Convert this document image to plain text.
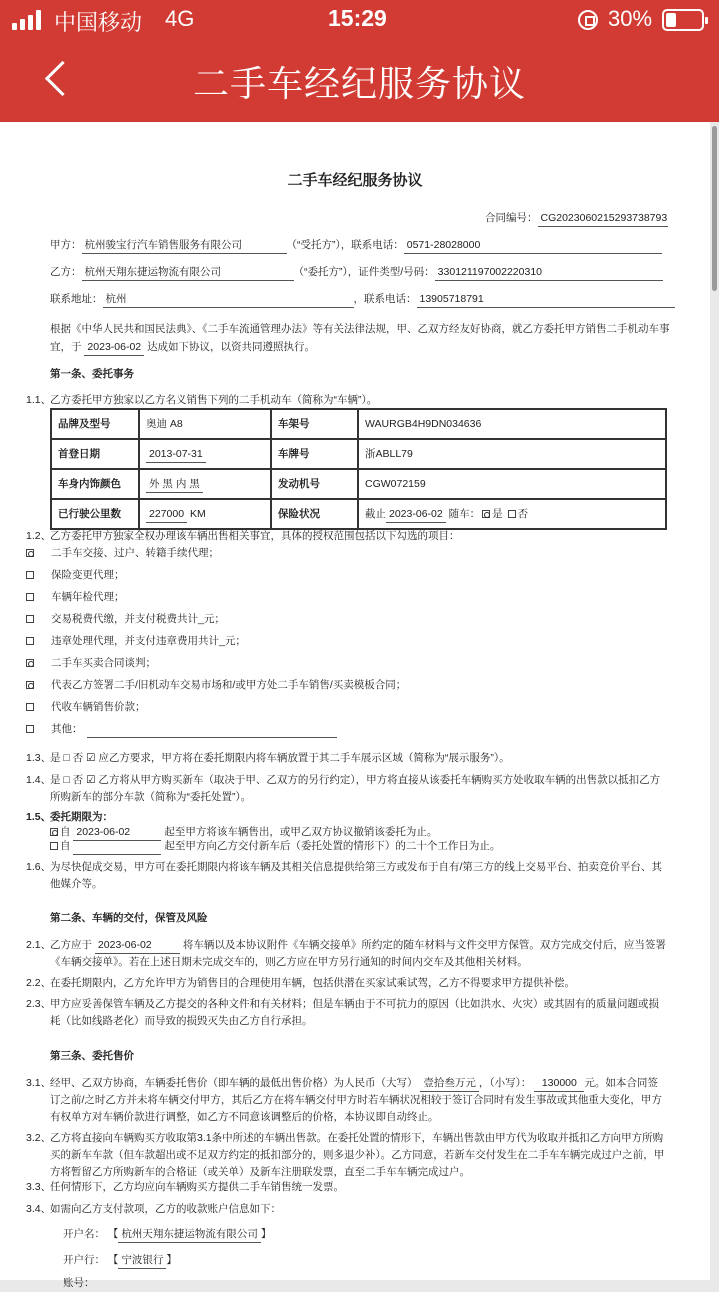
中国移动 4G	15:29	30%
二手车经纪服务协议
二手车经纪服务协议
合同编号： CG20230602152937387​93
甲方： 杭州骏宝行汽车销售服务有限公司	（“受托方”），联系电话： 0571-28028000
乙方： 杭州天翔东捷运物流有限公司	（“委托方”），证件类型/号码： 330121197002220310
联系地址： 杭州	，联系电话： 13905718791
根据《中华人民共和国民法典》、《二手车流通管理办法》等有关法律法规，甲、乙双方经友好协商，就乙方委托甲方销售二手机动车事
宜，于 2023-06-02 达成如下协议，以资共同遵照执行。
第一条、委托事务
1.1、
乙方委托甲方独家以乙方名义销售下列的二手机动车（简称为“车辆”）。
品牌及型号	奥迪 A8	车架号	WAURGB4H9DN034636
首登日期	2013-07-31	车牌号	浙ABLL79
车身内饰颜色	外 黑 内 黑	发动机号	CGW072159
已行驶公里数	227000 KM	保险状况	截止 2023-06-02 随车： 是 否
1.2、
乙方委托甲方独家全权办理该车辆出售相关事宜，具体的授权范围包括以下勾选的项目：
二手车交接、过户、转籍手续代理；
保险变更代理；
车辆年检代理；
交易税费代缴，并支付税费共计_元；
违章处理代理，并支付违章费用共计_元；
二手车买卖合同谈判；
代表乙方签署二手/旧机动车交易市场和/或甲方处二手车销售/买卖模板合同；
代收车辆销售价款；
其他：
1.3、
是 □ 否 ☑ 应乙方要求，甲方将在委托期限内将车辆放置于其二手车展示区域（简称为“展示服务”）。
1.4、
是 □ 否 ☑ 乙方将从甲方购买新车（取决于甲、乙双方的另行约定），甲方将直接从该委托车辆购买方处收取车辆的出售款以抵扣乙方所购新车的部分车款（简称为“委托处置”）。
1.5、
委托期限为：
自 2023-06-02	起至甲方将该车辆售出，或甲乙双方协议撤销该委托为止。
自	起至甲方向乙方交付新车后（委托处置的情形下）的二十个工作日为止。
1.6、
为尽快促成交易，甲方可在委托期限内将该车辆及其相关信息提供给第三方或发布于自有/第三方的线上交易平台、拍卖竞价平台、其他媒介等。
第二条、车辆的交付，保管及风险
2.1、
乙方应于 2023-06-02	将车辆以及本协议附件《车辆交接单》所约定的随车材料与文件交甲方保管。双方完成交付后，应当签署《车辆交接单》。若在上述日期未完成交车的，则乙方应在甲方另行通知的时间内交车及其他相关材料。
2.2、
在委托期限内，乙方允许甲方为销售目的合理使用车辆，包括供潜在买家试乘试驾，乙方不得要求甲方提供补偿。
2.3、
甲方应妥善保管车辆及乙方提交的各种文件和有关材料；但是车辆由于不可抗力的原因（比如洪水、火灾）或其固有的质量问题或损耗（比如线路老化）而导致的损毁灭失由乙方自行承担。
第三条、委托售价
3.1、
经甲、乙双方协商，车辆委托售价（即车辆的最低出售价格）为人民币（大写） 壹拾叁万元 ，（小写）： 130000 元。如本合同签订之前/之时乙方并未将车辆交付甲方，其后乙方在将车辆交付甲方时若车辆状况相较于签订合同时有发生事故或其他重大变化，甲方有权单方对车辆价款进行调整，如乙方不同意该调整后的价格，本协议即自动终止。
3.2、
乙方将直接向车辆购买方收取第3.1条中所述的车辆出售款。在委托处置的情形下，车辆出售款由甲方代为收取并抵扣乙方向甲方所购买的新车车款（但车款超出或不足双方约定的抵扣部分的，则多退少补）。乙方同意，若新车交付发生在二手车车辆完成过户之前，甲方将暂留乙方所购新车的合格证（或关单）及新车注册联发票，直至二手车车辆完成过户。
3.3、
任何情形下，乙方均应向车辆购买方提供二手车销售统一发票。
3.4、
如需向乙方支付款项，乙方的收款账户信息如下：
开户名： 【 杭州天翔东捷运物流有限公司 】
开户行： 【 宁波银行 】
账号：
